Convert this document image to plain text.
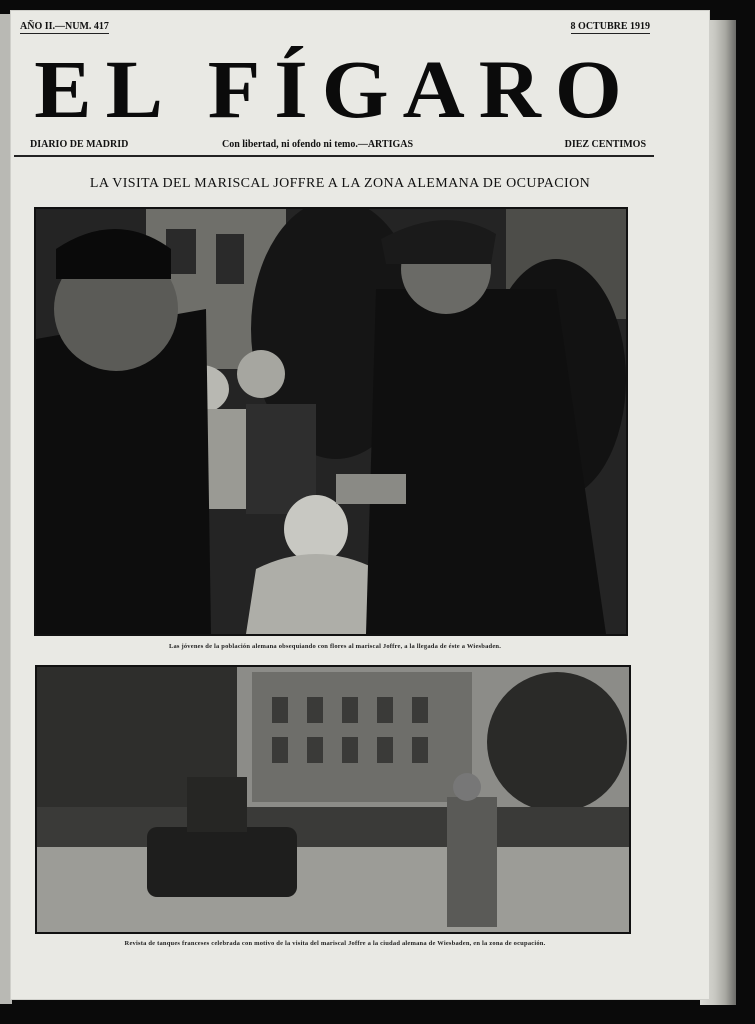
AÑO II.—NUM. 417	8 OCTUBRE 1919
EL FÍGARO
DIARIO DE MADRID	Con libertad, ni ofendo ni temo.—ARTIGAS	DIEZ CENTIMOS
LA VISITA DEL MARISCAL JOFFRE A LA ZONA ALEMANA DE OCUPACION
Las jóvenes de la población alemana obsequiando con flores al mariscal Joffre, a la llegada de éste a Wiesbaden.
Revista de tanques franceses celebrada con motivo de la visita del mariscal Joffre a la ciudad alemana de Wiesbaden, en la zona de ocupación.
